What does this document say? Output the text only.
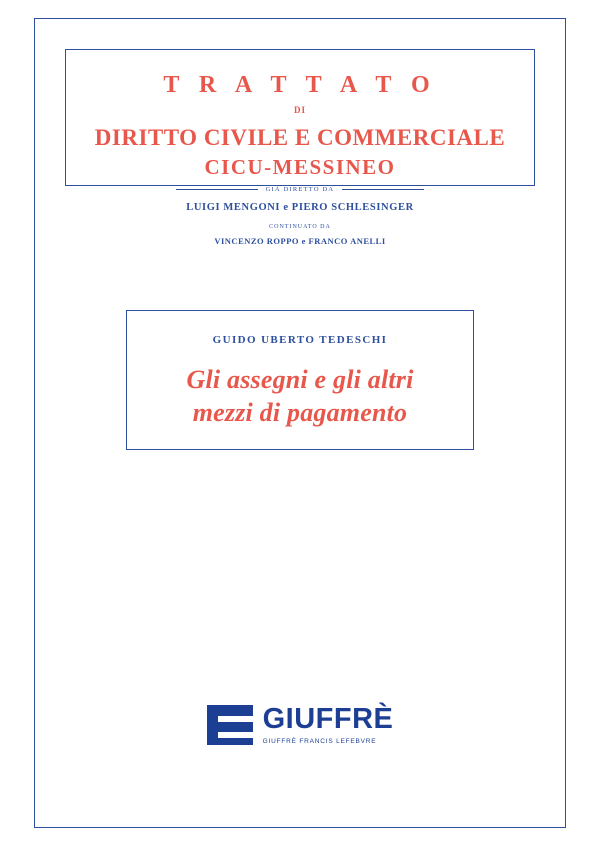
T R A T T A T O
DI
DIRITTO CIVILE E COMMERCIALE
CICU-MESSINEO
GIÀ DIRETTO DA
LUIGI MENGONI e PIERO SCHLESINGER
CONTINUATO DA
VINCENZO ROPPO e FRANCO ANELLI
GUIDO UBERTO TEDESCHI
Gli assegni e gli altri
mezzi di pagamento
GIUFFRÈ
GIUFFRÈ FRANCIS LEFEBVRE
